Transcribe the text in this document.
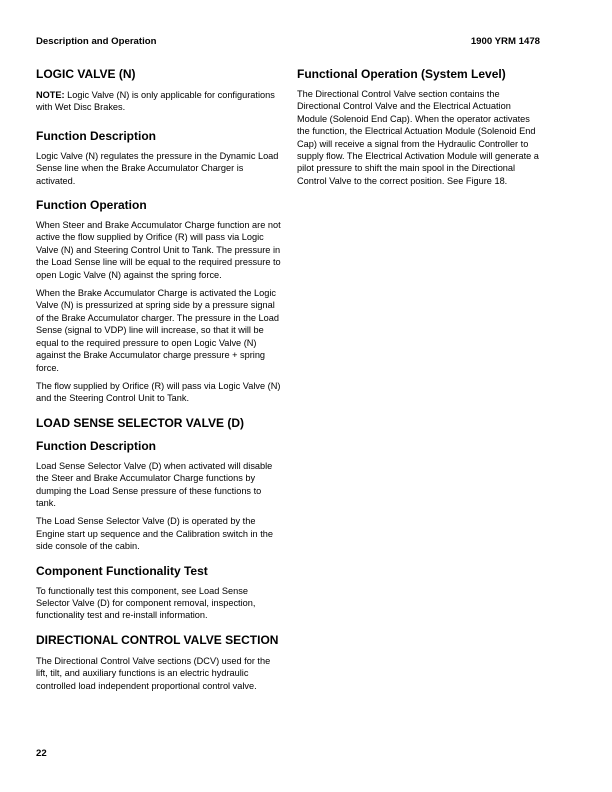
Description and Operation	1900 YRM 1478
LOGIC VALVE (N)

NOTE: Logic Valve (N) is only applicable for configurations with Wet Disc Brakes.

Function Description

Logic Valve (N) regulates the pressure in the Dynamic Load Sense line when the Brake Accumulator Charger is activated.

Function Operation

When Steer and Brake Accumulator Charge function are not active the flow supplied by Orifice (R) will pass via Logic Valve (N) and Steering Control Unit to Tank. The pressure in the Load Sense line will be equal to the required pressure to open Logic Valve (N) against the spring force.

When the Brake Accumulator Charge is activated the Logic Valve (N) is pressurized at spring side by a pressure signal of the Brake Accumulator charger. The pressure in the Load Sense (signal to VDP) line will increase, so that it will be equal to the required pressure to open Logic Valve (N) against the Brake Accumulator charge pressure + spring force.

The flow supplied by Orifice (R) will pass via Logic Valve (N) and the Steering Control Unit to Tank.

LOAD SENSE SELECTOR VALVE (D)
Function Description

Load Sense Selector Valve (D) when activated will disable the Steer and Brake Accumulator Charge functions by dumping the Load Sense pressure of these functions to tank.

The Load Sense Selector Valve (D) is operated by the Engine start up sequence and the Calibration switch in the side console of the cabin.

Component Functionality Test

To functionally test this component, see Load Sense Selector Valve (D) for component removal, inspection, functionality test and re-install information.

DIRECTIONAL CONTROL VALVE SECTION

The Directional Control Valve sections (DCV) used for the lift, tilt, and auxiliary functions is an electric hydraulic controlled load independent proportional control valve.

Functional Operation (System Level)

The Directional Control Valve section contains the Directional Control Valve and the Electrical Actuation Module (Solenoid End Cap). When the operator activates the function, the Electrical Actuation Module (Solenoid End Cap) will receive a signal from the Hydraulic Controller to supply flow. The Electrical Activation Module will generate a pilot pressure to shift the main spool in the Directional Control Valve to the correct position. See Figure 18.

22
